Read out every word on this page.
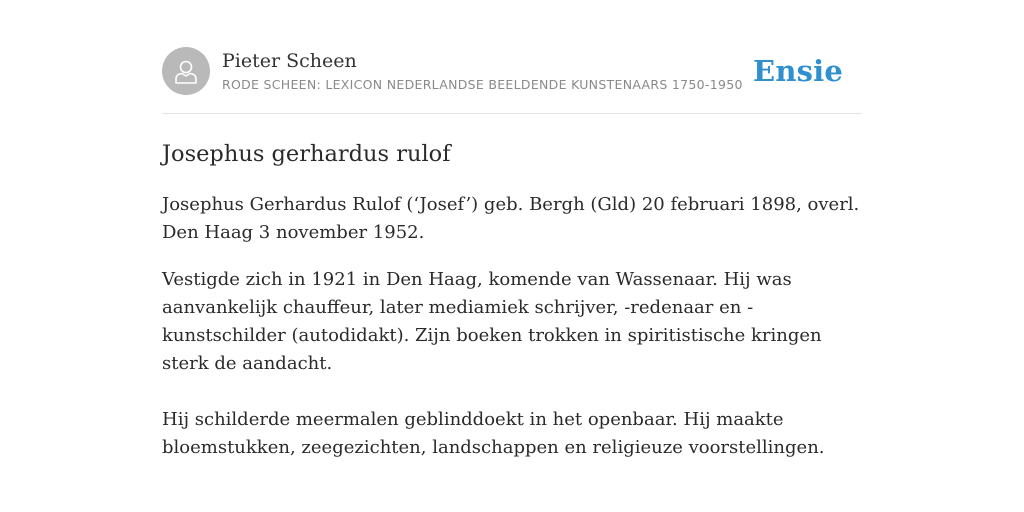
Pieter Scheen
RODE SCHEEN: LEXICON NEDERLANDSE BEELDENDE KUNSTENAARS 1750-1950 Ensie
Josephus gerhardus rulof

Josephus Gerhardus Rulof (‘Josef’) geb. Bergh (Gld) 20 februari 1898, overl. Den Haag 3 november 1952.

Vestigde zich in 1921 in Den Haag, komende van Wassenaar. Hij was aanvankelijk chauffeur, later mediamiek schrijver, -redenaar en -kunstschilder (autodidakt). Zijn boeken trokken in spiritistische kringen sterk de aandacht.

Hij schilderde meermalen geblinddoekt in het openbaar. Hij maakte bloemstukken, zeegezichten, landschappen en religieuze voorstellingen.
